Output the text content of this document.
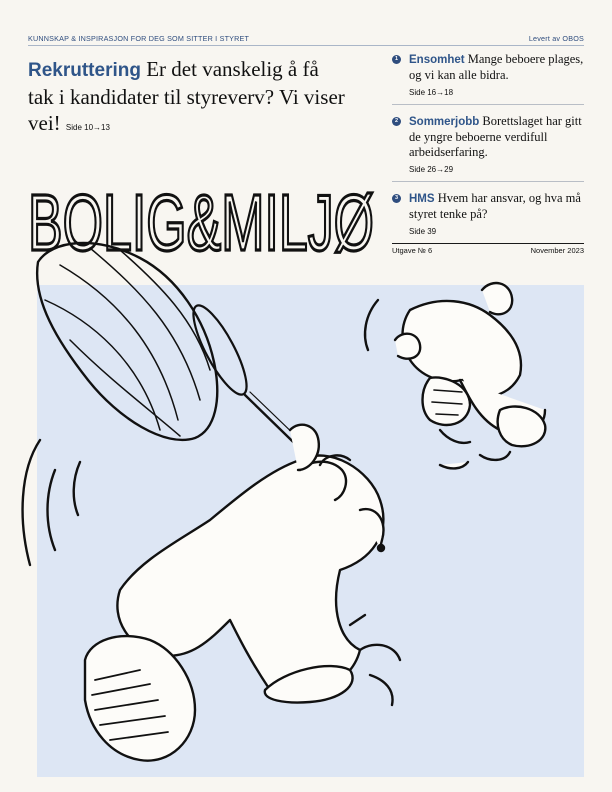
KUNNSKAP & INSPIRASJON FOR DEG SOM SITTER I STYRET	Levert av OBOS
Rekruttering Er det vanskelig å få tak i kandidater til styreverv? Vi viser vei! Side 10→13
1 Ensomhet Mange beboere plages, og vi kan alle bidra.
Side 16→18
2 Sommerjobb Borettslaget har gitt de yngre beboerne verdifull arbeidserfaring.
Side 26→29
3 HMS Hvem har ansvar, og hva må styret tenke på?
Side 39
BOLIG&MILJØ Utgave № 6	November 2023
